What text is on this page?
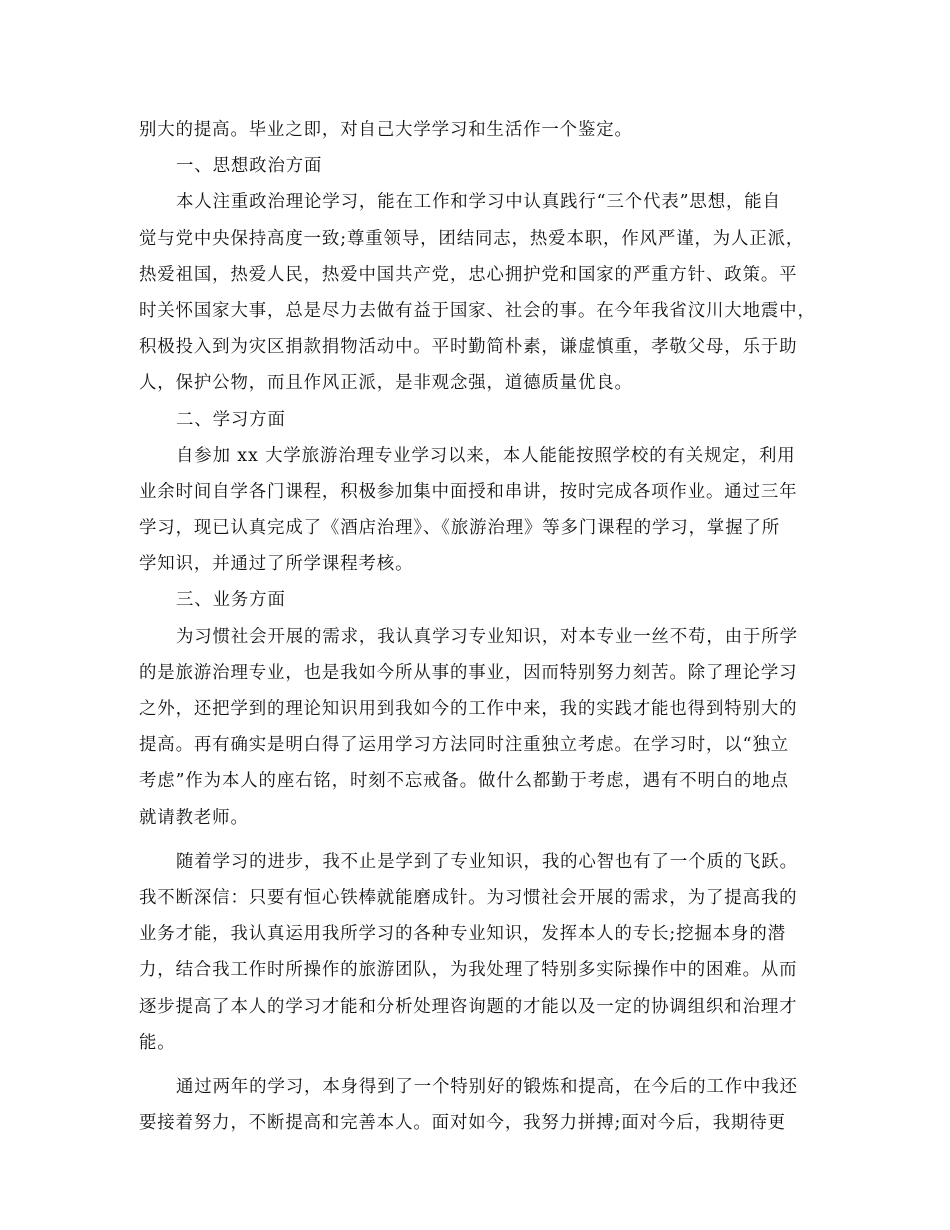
别大的提高。毕业之即，对自己大学学习和生活作一个鉴定。
一、思想政治方面
本人注重政治理论学习，能在工作和学习中认真践行“三个代表”思想，能自
觉与党中央保持高度一致;尊重领导，团结同志，热爱本职，作风严谨，为人正派，
热爱祖国，热爱人民，热爱中国共产党，忠心拥护党和国家的严重方针、政策。平
时关怀国家大事，总是尽力去做有益于国家、社会的事。在今年我省汶川大地震中，
积极投入到为灾区捐款捐物活动中。平时勤简朴素，谦虚慎重，孝敬父母，乐于助
人，保护公物，而且作风正派，是非观念强，道德质量优良。
二、学习方面
自参加 xx 大学旅游治理专业学习以来，本人能能按照学校的有关规定，利用
业余时间自学各门课程，积极参加集中面授和串讲，按时完成各项作业。通过三年
学习，现已认真完成了《酒店治理》、《旅游治理》等多门课程的学习，掌握了所
学知识，并通过了所学课程考核。
三、业务方面
为习惯社会开展的需求，我认真学习专业知识，对本专业一丝不苟，由于所学
的是旅游治理专业，也是我如今所从事的事业，因而特别努力刻苦。除了理论学习
之外，还把学到的理论知识用到我如今的工作中来，我的实践才能也得到特别大的
提高。再有确实是明白得了运用学习方法同时注重独立考虑。在学习时，以“独立
考虑”作为本人的座右铭，时刻不忘戒备。做什么都勤于考虑，遇有不明白的地点
就请教老师。
随着学习的进步，我不止是学到了专业知识，我的心智也有了一个质的飞跃。
我不断深信：只要有恒心铁棒就能磨成针。为习惯社会开展的需求，为了提高我的
业务才能，我认真运用我所学习的各种专业知识，发挥本人的专长;挖掘本身的潜
力，结合我工作时所操作的旅游团队，为我处理了特别多实际操作中的困难。从而
逐步提高了本人的学习才能和分析处理咨询题的才能以及一定的协调组织和治理才
能。
通过两年的学习，本身得到了一个特别好的锻炼和提高，在今后的工作中我还
要接着努力，不断提高和完善本人。面对如今，我努力拼搏;面对今后，我期待更
